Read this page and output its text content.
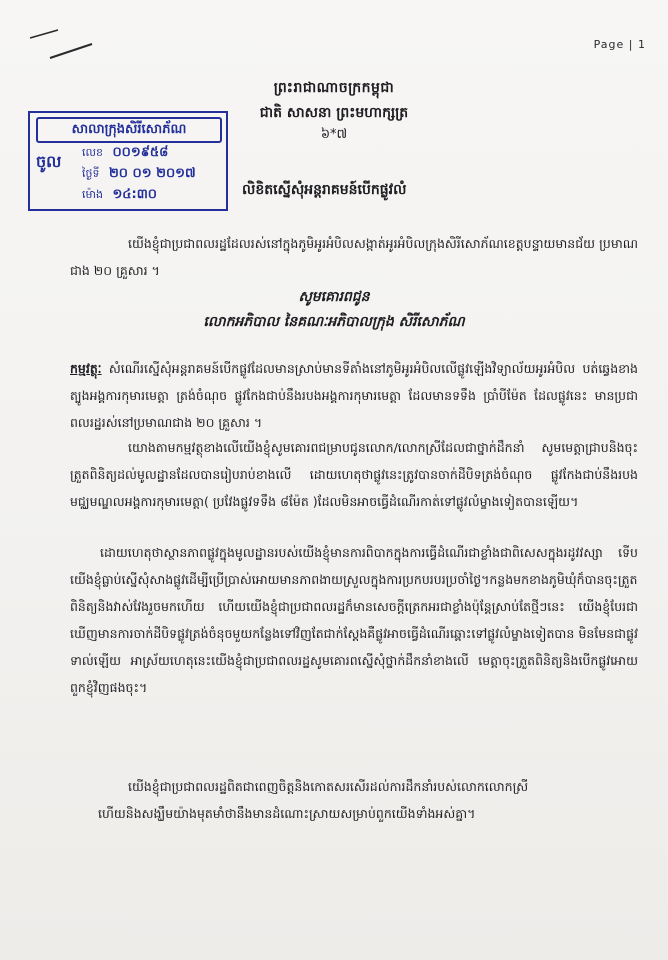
Page | 1
ព្រះរាជាណាចក្រកម្ពុជា
ជាតិ សាសនា ព្រះមហាក្សត្រ
៦*៧
សាលាក្រុងសិរីសោភ័ណ
ចូល លេខ ០០១៩៥៨
ថ្ងៃទី ២០ ០១ ២០១៧
ម៉ោង ១៤:៣០	លិខិតស្នើសុំអន្តរាគមន៍បើកផ្លូវលំ
យើងខ្ញុំជាប្រជាពលរដ្ឋដែលរស់នៅក្នុងភូមិអូរអំបិលសង្កាត់អូរអំបិលក្រុងសិរីសោភ័ណខេត្តបន្ទាយមានជ័យ ប្រមាណជាង ២០ គ្រួសារ ។
សូមគោរពជូន
លោកអភិបាល នៃគណៈអភិបាលក្រុង សិរីសោភ័ណ
កម្មវត្ថុៈ សំណើរស្នើសុំអន្តរាគមន៍បើកផ្លូវដែលមានស្រាប់មានទីតាំងនៅភូមិអូរអំបិលលើផ្លូវឡើងវិទ្យាល័យអូរអំបិល បត់ឆ្វេងខាងត្បូងអង្គការកុមារមេត្តា ត្រង់ចំណុច ផ្លូវកែងជាប់នឹងរបងអង្គការកុមារមេត្តា ដែលមានទទឹង ប្រាំបីម៉ែត ដែលផ្លូវនេះ មានប្រជាពលរដ្ឋរស់នៅប្រមាណជាង ២០ គ្រួសារ ។
យោងតាមកម្មវត្ថុខាងលើយើងខ្ញុំសូមគោរពជម្រាបជូនលោក/លោកស្រីដែលជាថ្នាក់ដឹកនាំ សូមមេត្តាជ្រាបនិងចុះត្រួតពិនិត្យដល់មូលដ្ឋានដែលបានរៀបរាប់ខាងលើ ដោយហេតុថាផ្លូវនេះត្រូវបានចាក់ដីបិទត្រង់ចំណុច ផ្លូវកែងជាប់នឹងរបងមជ្ឈមណ្ឌលអង្គការកុមារមេត្តា( ប្រវែងផ្លូវទទឹង ៨ម៉ែត )ដែលមិនអាចធ្វើដំណើរកាត់ទៅផ្លូវលំម្ខាងទៀតបានឡើយ។
ដោយហេតុថាស្ថានភាពផ្លូវក្នុងមូលដ្ឋានរបស់យើងខ្ញុំមានការពិបាកក្នុងការធ្វើដំណើរជាខ្លាំងជាពិសេសក្នុងរដូវវស្សា ទើបយើងខ្ញុំធ្លាប់ស្នើសុំសាងផ្លូវដើម្បីប្រើប្រាស់អោយមានភាពងាយស្រួលក្នុងការប្រកបរបរប្រចាំថ្ងៃ។កន្លងមកខាងភូមិឃុំក៏បានចុះត្រួតពិនិត្យនិងវាស់វែងរួចមកហើយ ហើយយើងខ្ញុំជាប្រជាពលរដ្ឋក៏មានសេចក្តីត្រេកអរជាខ្លាំងប៉ុន្តែស្រាប់តែថ្មីៗនេះ យើងខ្ញុំបែរជាឃើញមានការចាក់ដីបិទផ្លូវត្រង់ចំនុចមួយកន្លែងទៅវិញតែជាក់ស្តែងគឺផ្លូវអាចធ្វើដំណើរឆ្ពោះទៅផ្លូវលំម្ខាងទៀតបាន មិនមែនជាផ្លូវទាល់ឡើយ អាស្រ័យហេតុនេះយើងខ្ញុំជាប្រជាពលរដ្ឋសូមគោរពស្នើសុំថ្នាក់ដឹកនាំខាងលើ មេត្តាចុះត្រួតពិនិត្យនិងបើកផ្លូវអោយពួកខ្ញុំវិញផងចុះ។
យើងខ្ញុំជាប្រជាពលរដ្ឋពិតជាពេញចិត្តនិងកោតសរសើរដល់ការដឹកនាំរបស់លោកលោកស្រី
ហើយនិងសង្ឃឹមយ៉ាងមុតមាំថានឹងមានដំណោះស្រាយសម្រាប់ពួកយើងទាំងអស់គ្នា។
